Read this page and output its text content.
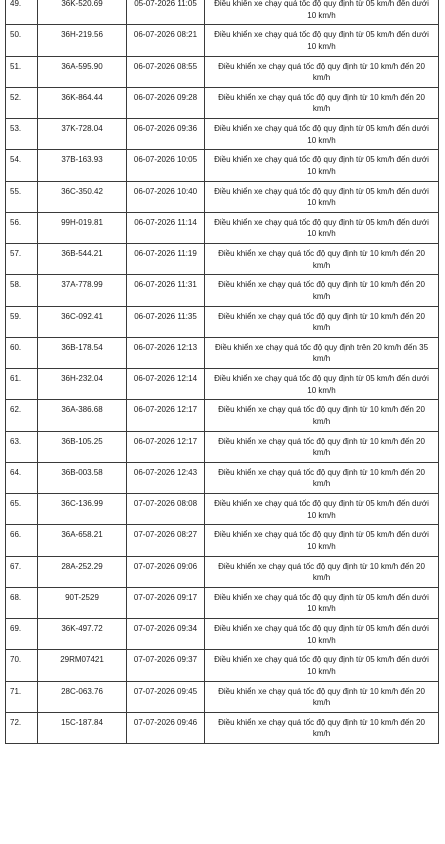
49.	36K-520.69	05-07-2026 11:05	Điều khiển xe chạy quá tốc độ quy định từ 05 km/h đến dưới 10 km/h
50.	36H-219.56	06-07-2026 08:21	Điều khiển xe chạy quá tốc độ quy định từ 05 km/h đến dưới 10 km/h
51.	36A-595.90	06-07-2026 08:55	Điều khiển xe chạy quá tốc độ quy định từ 10 km/h đến 20 km/h
52.	36K-864.44	06-07-2026 09:28	Điều khiển xe chạy quá tốc độ quy định từ 10 km/h đến 20 km/h
53.	37K-728.04	06-07-2026 09:36	Điều khiển xe chạy quá tốc độ quy định từ 05 km/h đến dưới 10 km/h
54.	37B-163.93	06-07-2026 10:05	Điều khiển xe chạy quá tốc độ quy định từ 05 km/h đến dưới 10 km/h
55.	36C-350.42	06-07-2026 10:40	Điều khiển xe chạy quá tốc độ quy định từ 05 km/h đến dưới 10 km/h
56.	99H-019.81	06-07-2026 11:14	Điều khiển xe chạy quá tốc độ quy định từ 05 km/h đến dưới 10 km/h
57.	36B-544.21	06-07-2026 11:19	Điều khiển xe chạy quá tốc độ quy định từ 10 km/h đến 20 km/h
58.	37A-778.99	06-07-2026 11:31	Điều khiển xe chạy quá tốc độ quy định từ 10 km/h đến 20 km/h
59.	36C-092.41	06-07-2026 11:35	Điều khiển xe chạy quá tốc độ quy định từ 10 km/h đến 20 km/h
60.	36B-178.54	06-07-2026 12:13	Điều khiển xe chạy quá tốc độ quy định trên 20 km/h đến 35 km/h
61.	36H-232.04	06-07-2026 12:14	Điều khiển xe chạy quá tốc độ quy định từ 05 km/h đến dưới 10 km/h
62.	36A-386.68	06-07-2026 12:17	Điều khiển xe chạy quá tốc độ quy định từ 10 km/h đến 20 km/h
63.	36B-105.25	06-07-2026 12:17	Điều khiển xe chạy quá tốc độ quy định từ 10 km/h đến 20 km/h
64.	36B-003.58	06-07-2026 12:43	Điều khiển xe chạy quá tốc độ quy định từ 10 km/h đến 20 km/h
65.	36C-136.99	07-07-2026 08:08	Điều khiển xe chạy quá tốc độ quy định từ 05 km/h đến dưới 10 km/h
66.	36A-658.21	07-07-2026 08:27	Điều khiển xe chạy quá tốc độ quy định từ 05 km/h đến dưới 10 km/h
67.	28A-252.29	07-07-2026 09:06	Điều khiển xe chạy quá tốc độ quy định từ 10 km/h đến 20 km/h
68.	90T-2529	07-07-2026 09:17	Điều khiển xe chạy quá tốc độ quy định từ 05 km/h đến dưới 10 km/h
69.	36K-497.72	07-07-2026 09:34	Điều khiển xe chạy quá tốc độ quy định từ 05 km/h đến dưới 10 km/h
70.	29RM07421	07-07-2026 09:37	Điều khiển xe chạy quá tốc độ quy định từ 05 km/h đến dưới 10 km/h
71.	28C-063.76	07-07-2026 09:45	Điều khiển xe chạy quá tốc độ quy định từ 10 km/h đến 20 km/h
72.	15C-187.84	07-07-2026 09:46	Điều khiển xe chạy quá tốc độ quy định từ 10 km/h đến 20 km/h
